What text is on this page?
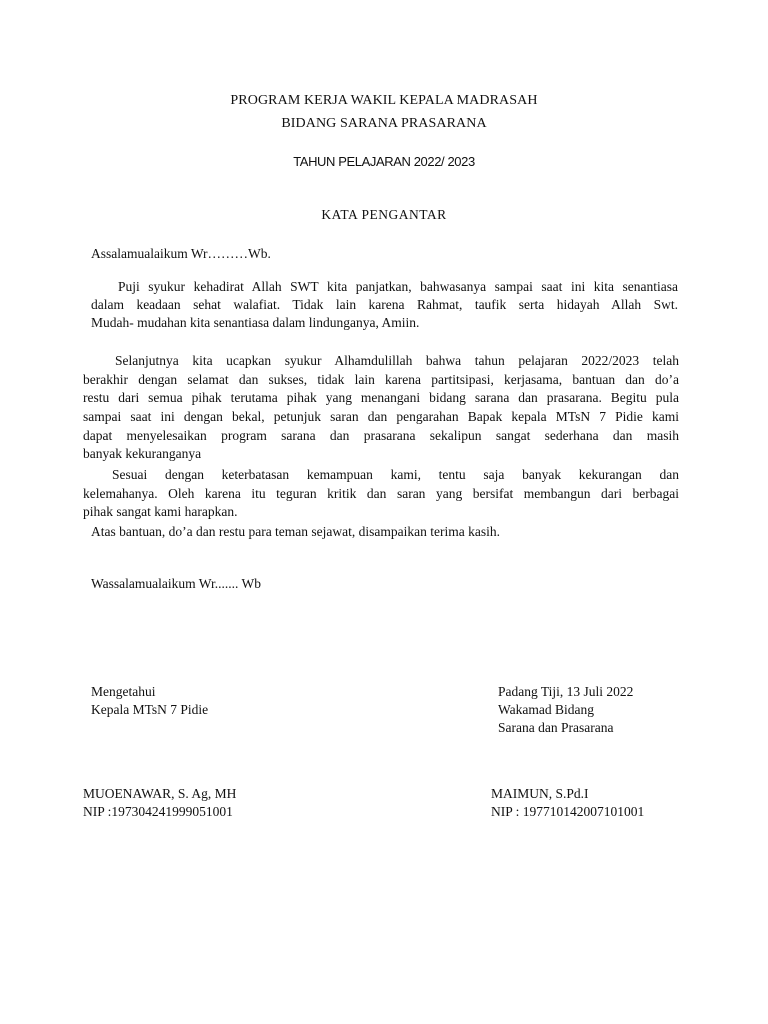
PROGRAM KERJA WAKIL KEPALA MADRASAH
BIDANG SARANA PRASARANA
TAHUN PELAJARAN 2022/ 2023
KATA PENGANTAR
Assalamualaikum Wr………Wb.
Puji syukur kehadirat Allah SWT kita panjatkan, bahwasanya sampai saat ini kita senantiasa
dalam keadaan sehat walafiat. Tidak lain karena Rahmat, taufik serta hidayah Allah Swt.
Mudah- mudahan kita senantiasa dalam lindunganya, Amiin.
Selanjutnya kita ucapkan syukur Alhamdulillah bahwa tahun pelajaran 2022/2023 telah
berakhir dengan selamat dan sukses, tidak lain karena partitsipasi, kerjasama, bantuan dan do’a
restu dari semua pihak terutama pihak yang menangani bidang sarana dan prasarana. Begitu pula
sampai saat ini dengan bekal, petunjuk saran dan pengarahan Bapak kepala MTsN 7 Pidie kami
dapat menyelesaikan program sarana dan prasarana sekalipun sangat sederhana dan masih
banyak kekuranganya
Sesuai dengan keterbatasan kemampuan kami, tentu saja banyak kekurangan dan
kelemahanya. Oleh karena itu teguran kritik dan saran yang bersifat membangun dari berbagai
pihak sangat kami harapkan.
Atas bantuan, do’a dan restu para teman sejawat, disampaikan terima kasih.
Wassalamualaikum Wr....... Wb
Mengetahui
Kepala MTsN 7 Pidie
MUOENAWAR, S. Ag, MH
NIP :197304241999051001
Padang Tiji, 13 Juli 2022
Wakamad Bidang
Sarana dan Prasarana
MAIMUN, S.Pd.I
NIP : 197710142007101001
